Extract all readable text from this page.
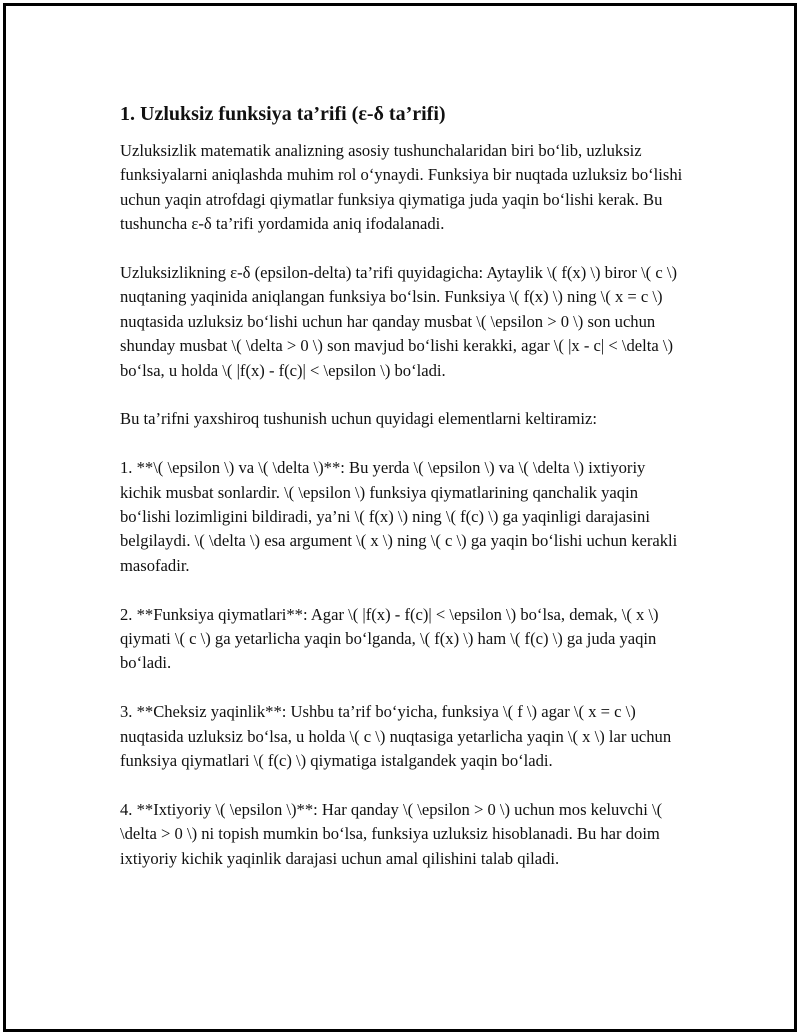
1. Uzluksiz funksiya ta’rifi (ε-δ ta’rifi)

Uzluksizlik matematik analizning asosiy tushunchalaridan biri boʻlib, uzluksiz funksiyalarni aniqlashda muhim rol oʻynaydi. Funksiya bir nuqtada uzluksiz boʻlishi uchun yaqin atrofdagi qiymatlar funksiya qiymatiga juda yaqin boʻlishi kerak. Bu tushuncha ε-δ ta’rifi yordamida aniq ifodalanadi.

Uzluksizlikning ε-δ (epsilon-delta) ta’rifi quyidagicha: Aytaylik \( f(x) \) biror \( c \) nuqtaning yaqinida aniqlangan funksiya boʻlsin. Funksiya \( f(x) \) ning \( x = c \) nuqtasida uzluksiz boʻlishi uchun har qanday musbat \( \epsilon > 0 \) son uchun shunday musbat \( \delta > 0 \) son mavjud boʻlishi kerakki, agar \( |x - c| < \delta \) boʻlsa, u holda \( |f(x) - f(c)| < \epsilon \) boʻladi.

Bu ta’rifni yaxshiroq tushunish uchun quyidagi elementlarni keltiramiz:

1. **\( \epsilon \) va \( \delta \)**: Bu yerda \( \epsilon \) va \( \delta \) ixtiyoriy kichik musbat sonlardir. \( \epsilon \) funksiya qiymatlarining qanchalik yaqin boʻlishi lozimligini bildiradi, ya’ni \( f(x) \) ning \( f(c) \) ga yaqinligi darajasini belgilaydi. \( \delta \) esa argument \( x \) ning \( c \) ga yaqin boʻlishi uchun kerakli masofadir.

2. **Funksiya qiymatlari**: Agar \( |f(x) - f(c)| < \epsilon \) boʻlsa, demak, \( x \) qiymati \( c \) ga yetarlicha yaqin boʻlganda, \( f(x) \) ham \( f(c) \) ga juda yaqin boʻladi.

3. **Cheksiz yaqinlik**: Ushbu ta’rif boʻyicha, funksiya \( f \) agar \( x = c \) nuqtasida uzluksiz boʻlsa, u holda \( c \) nuqtasiga yetarlicha yaqin \( x \) lar uchun funksiya qiymatlari \( f(c) \) qiymatiga istalgandek yaqin boʻladi.

4. **Ixtiyoriy \( \epsilon \)**: Har qanday \( \epsilon > 0 \) uchun mos keluvchi \( \delta > 0 \) ni topish mumkin boʻlsa, funksiya uzluksiz hisoblanadi. Bu har doim ixtiyoriy kichik yaqinlik darajasi uchun amal qilishini talab qiladi.
